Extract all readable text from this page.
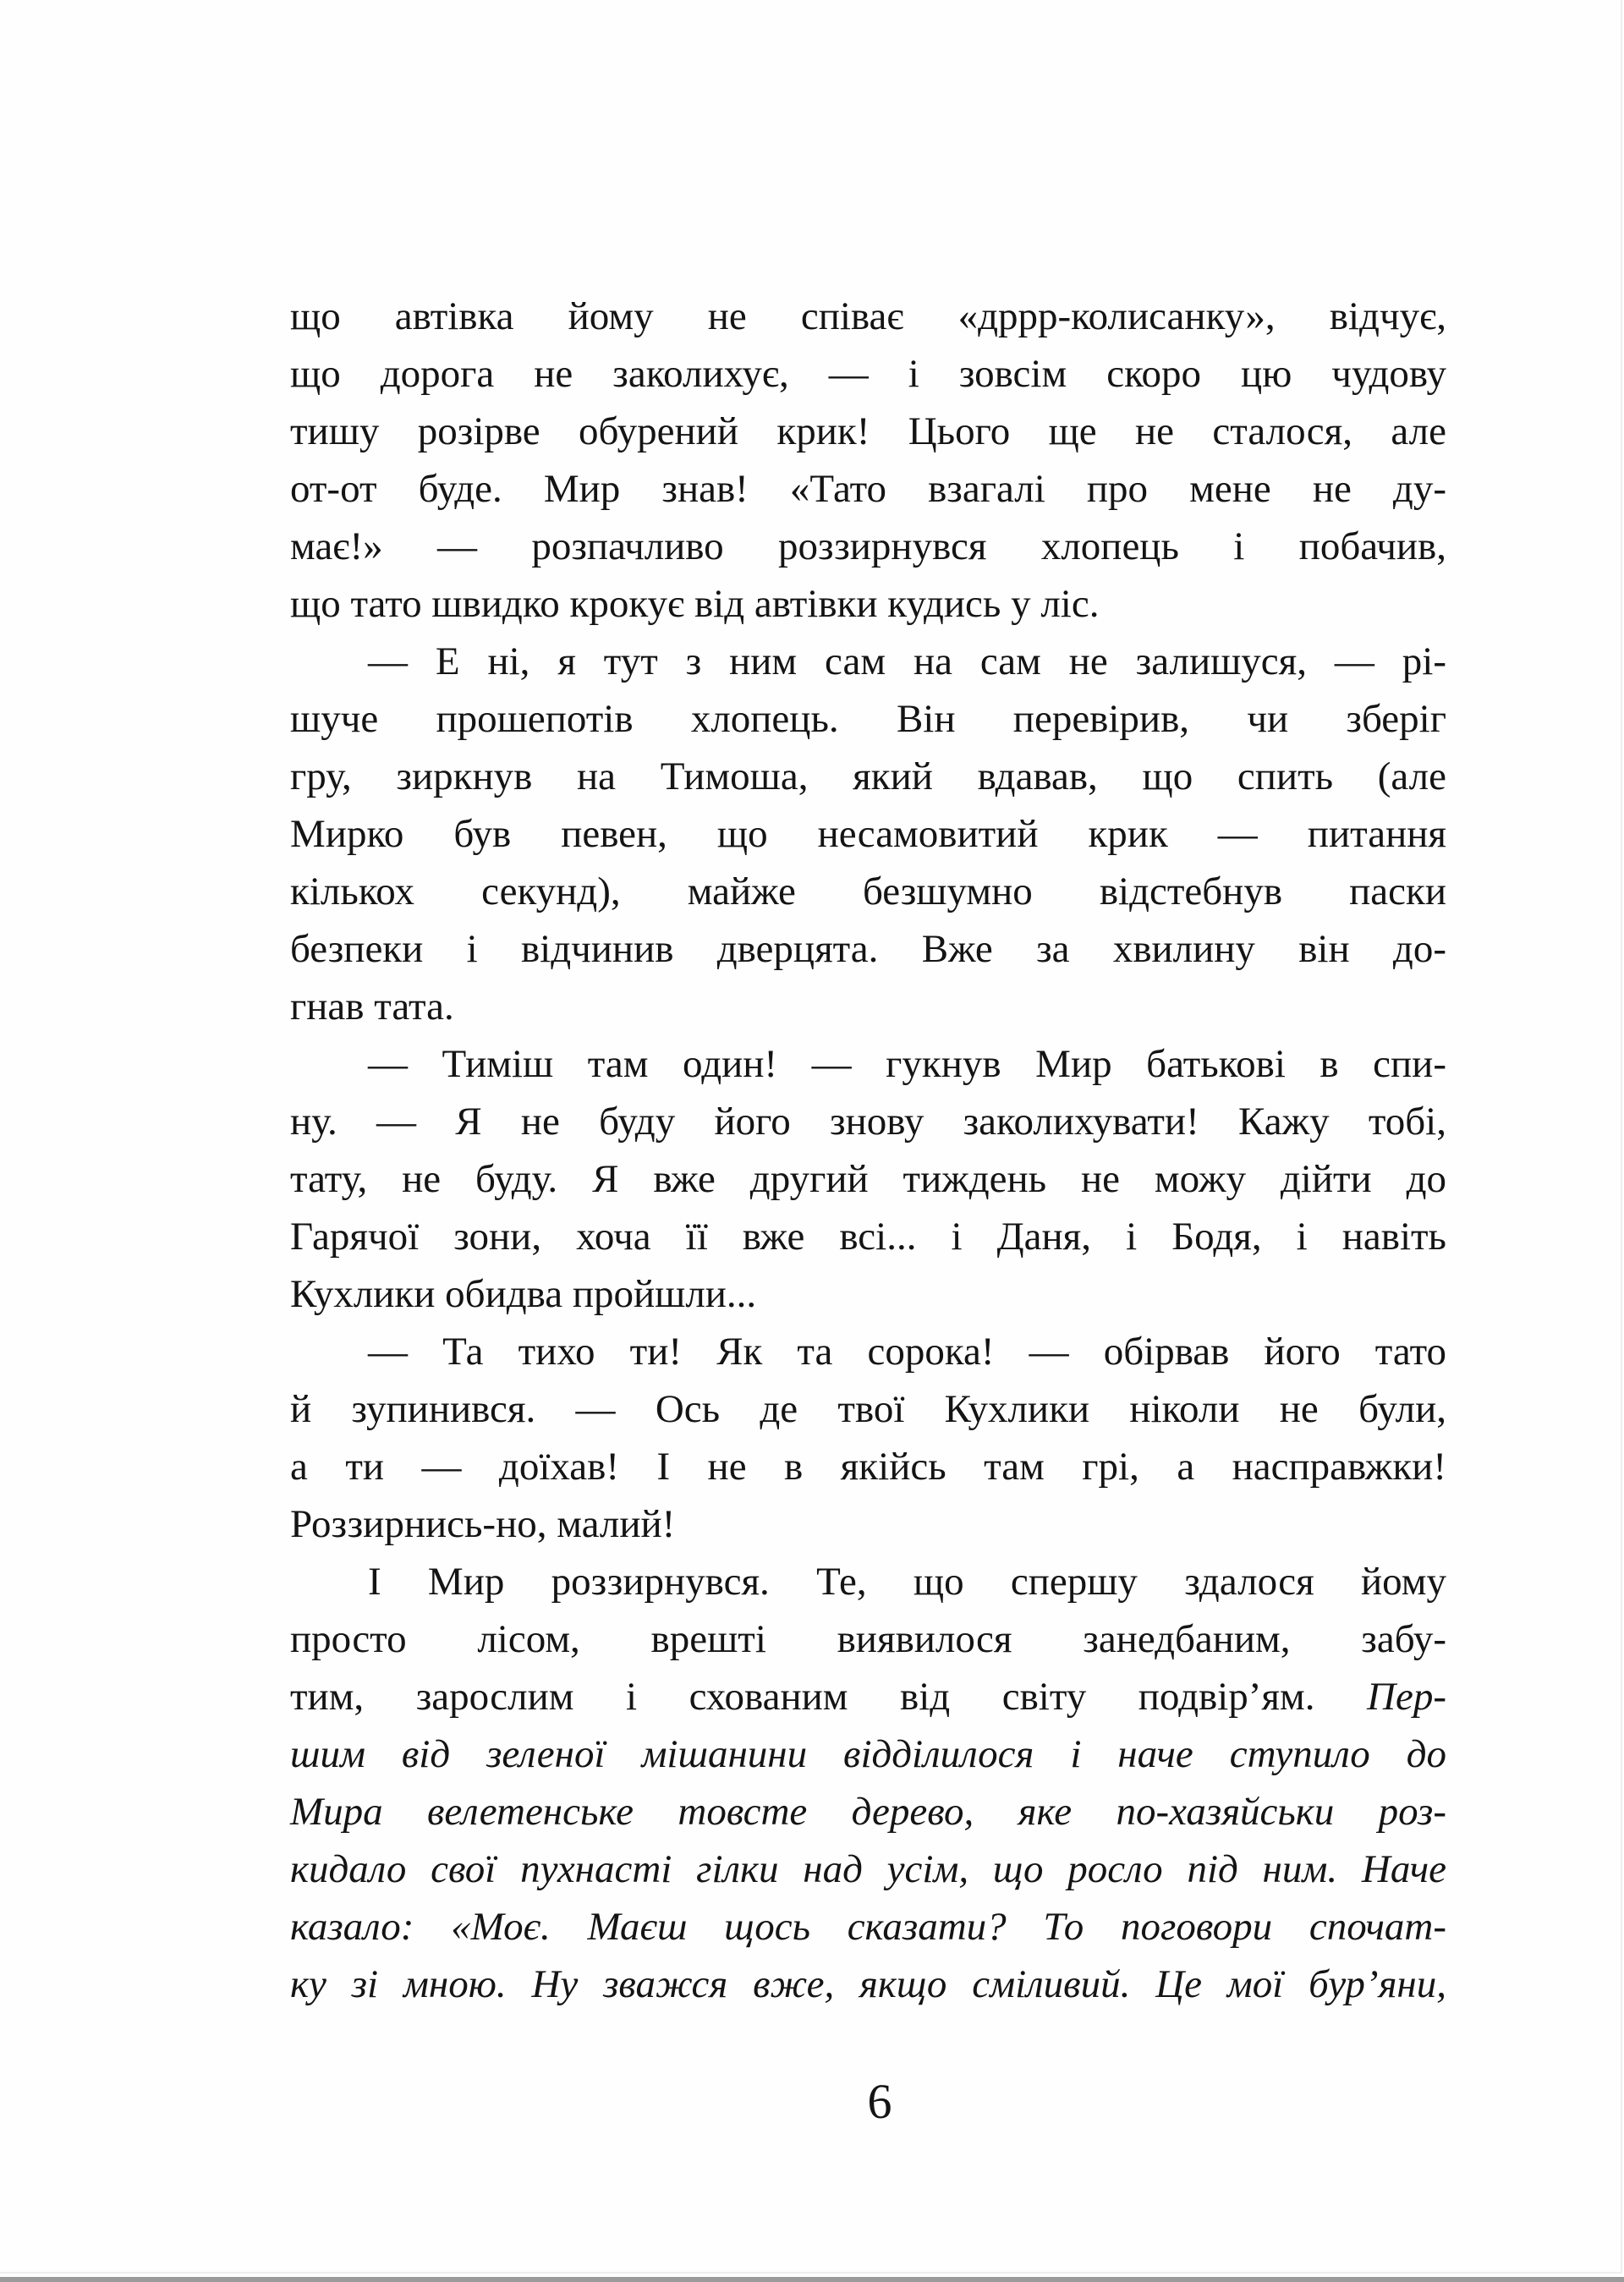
що автівка йому не співає «дррр-колисанку», відчує,
що дорога не заколихує, — і зовсім скоро цю чудову
тишу розірве обурений крик! Цього ще не сталося, але
от-от буде. Мир знав! «Тато взагалі про мене не ду-
має!» — розпачливо роззирнувся хлопець і побачив,
що тато швидко крокує від автівки кудись у ліс.
— Е ні, я тут з ним сам на сам не залишуся, — рі-
шуче прошепотів хлопець. Він перевірив, чи зберіг
гру, зиркнув на Тимоша, який вдавав, що спить (але
Мирко був певен, що несамовитий крик — питання
кількох секунд), майже безшумно відстебнув паски
безпеки і відчинив дверцята. Вже за хвилину він до-
гнав тата.
— Тиміш там один! — гукнув Мир батькові в спи-
ну. — Я не буду його знову заколихувати! Кажу тобі,
тату, не буду. Я вже другий тиждень не можу дійти до
Гарячої зони, хоча її вже всі... і Даня, і Бодя, і навіть
Кухлики обидва пройшли...
— Та тихо ти! Як та сорока! — обірвав його тато
й зупинився. — Ось де твої Кухлики ніколи не були,
а ти — доїхав! І не в якійсь там грі, а насправжки!
Роззирнись-но, малий!
І Мир роззирнувся. Те, що спершу здалося йому
просто лісом, врешті виявилося занедбаним, забу-
тим, зарослим і схованим від світу подвір’ям. Пер-
шим від зеленої мішанини відділилося і наче ступило до
Мира велетенське товсте дерево, яке по-хазяйськи роз-
кидало свої пухнасті гілки над усім, що росло під ним. Наче
казало: «Моє. Маєш щось сказати? То поговори спочат-
ку зі мною. Ну зважся вже, якщо сміливий. Це мої бур’яни,
6
